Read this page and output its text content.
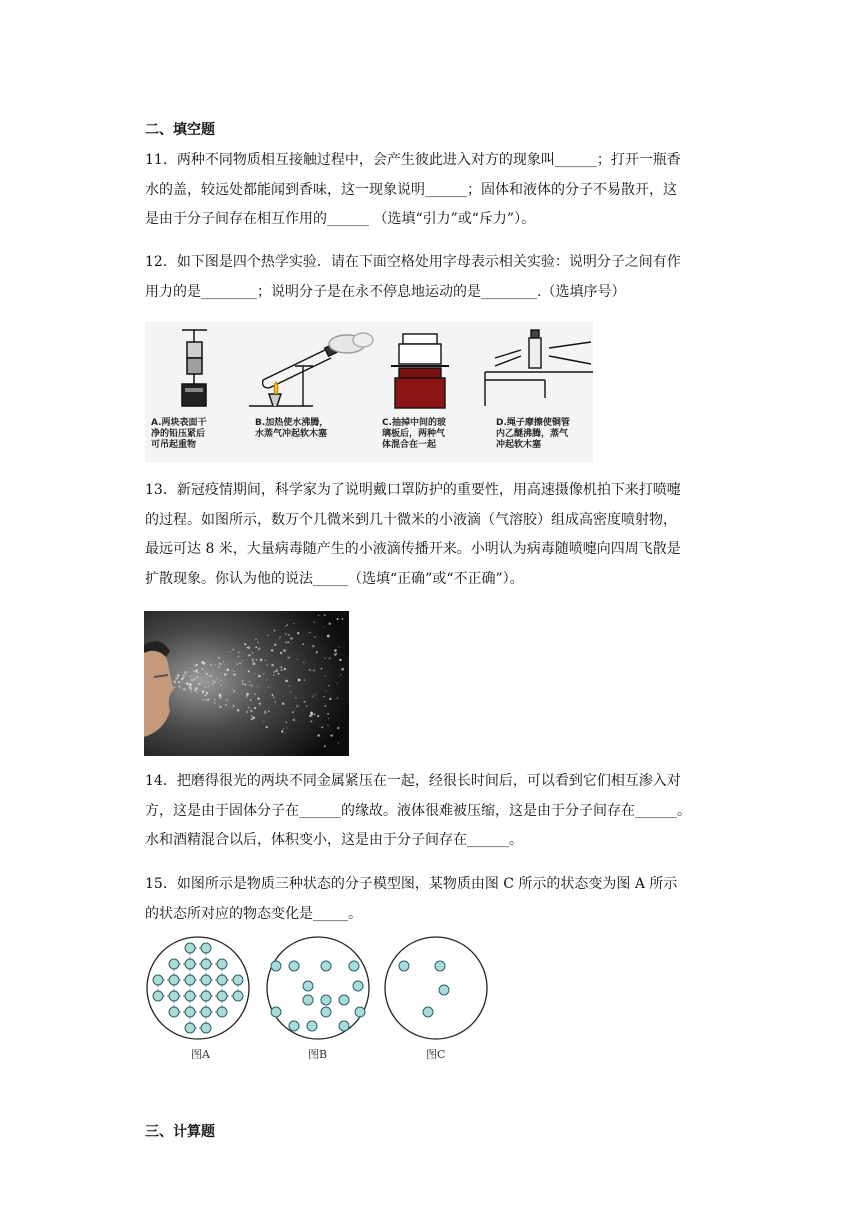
二、填空题
11．两种不同物质相互接触过程中，会产生彼此进入对方的现象叫______；打开一瓶香
水的盖，较远处都能闻到香味，这一现象说明______；固体和液体的分子不易散开，这
是由于分子间存在相互作用的______ （选填“引力”或“斥力”）。
12．如下图是四个热学实验．请在下面空格处用字母表示相关实验：说明分子之间有作
用力的是________；说明分子是在永不停息地运动的是________.（选填序号）
A.两块表面干
净的铅压紧后
可吊起重物
B.加热使水沸腾，
水蒸气冲起软木塞
C.抽掉中间的玻
璃板后，两种气
体混合在一起
D.绳子摩擦使铜管
内乙醚沸腾，蒸气
冲起软木塞
13．新冠疫情期间，科学家为了说明戴口罩防护的重要性，用高速摄像机拍下来打喷嚏
的过程。如图所示，数万个几微米到几十微米的小液滴（气溶胶）组成高密度喷射物，
最远可达 8 米，大量病毒随产生的小液滴传播开来。小明认为病毒随喷嚏向四周飞散是
扩散现象。你认为他的说法_____（选填“正确”或“不正确”）。
14．把磨得很光的两块不同金属紧压在一起，经很长时间后，可以看到它们相互渗入对
方，这是由于固体分子在______的缘故。液体很难被压缩，这是由于分子间存在______。
水和酒精混合以后，体积变小，这是由于分子间存在______。
15．如图所示是物质三种状态的分子模型图，某物质由图 C 所示的状态变为图 A 所示
的状态所对应的物态变化是_____。
图A	图B	图C
三、计算题
